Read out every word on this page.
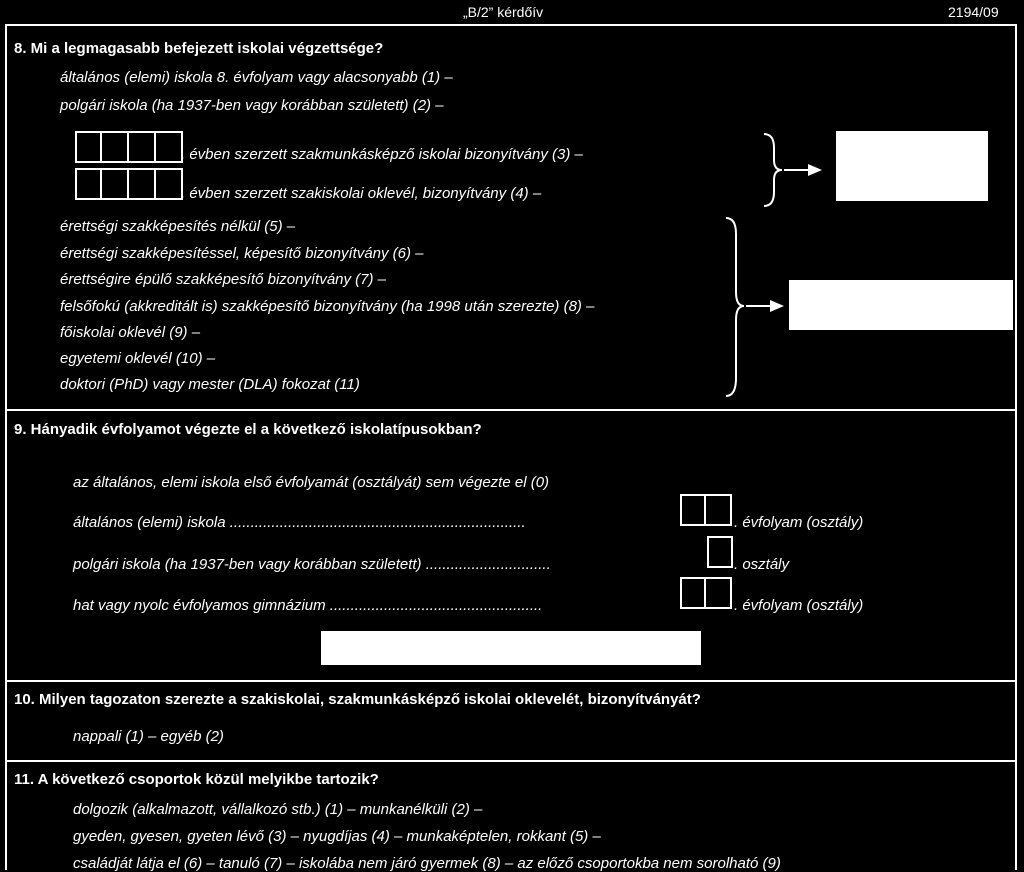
„B/2” kérdőív	2194/09
8. Mi a legmagasabb befejezett iskolai végzettsége?
általános (elemi) iskola 8. évfolyam vagy alacsonyabb (1) –
polgári iskola (ha 1937-ben vagy korábban született) (2) –
. évben szerzett szakmunkásképző iskolai bizonyítvány (3) –
. évben szerzett szakiskolai oklevél, bizonyítvány (4) –
érettségi szakképesítés nélkül (5) –
érettségi szakképesítéssel, képesítő bizonyítvány (6) –
érettségire épülő szakképesítő bizonyítvány (7) –
felsőfokú (akkreditált is) szakképesítő bizonyítvány (ha 1998 után szerezte) (8) –
főiskolai oklevél (9) –
egyetemi oklevél (10) –
doktori (PhD) vagy mester (DLA) fokozat (11)
9. Hányadik évfolyamot végezte el a következő iskolatípusokban?
az általános, elemi iskola első évfolyamát (osztályát) sem végezte el (0)
általános (elemi) iskola .......................................................................	. évfolyam (osztály)
polgári iskola (ha 1937-ben vagy korábban született) ..............................	. osztály
hat vagy nyolc évfolyamos gimnázium ...................................................	. évfolyam (osztály)
10. Milyen tagozaton szerezte a szakiskolai, szakmunkásképző iskolai oklevelét, bizonyítványát?
nappali (1) – egyéb (2)
11. A következő csoportok közül melyikbe tartozik?
dolgozik (alkalmazott, vállalkozó stb.) (1) – munkanélküli (2) –
gyeden, gyesen, gyeten lévő (3) – nyugdíjas (4) – munkaképtelen, rokkant (5) –
családját látja el (6) – tanuló (7) – iskolába nem járó gyermek (8) – az előző csoportokba nem sorolható (9)
